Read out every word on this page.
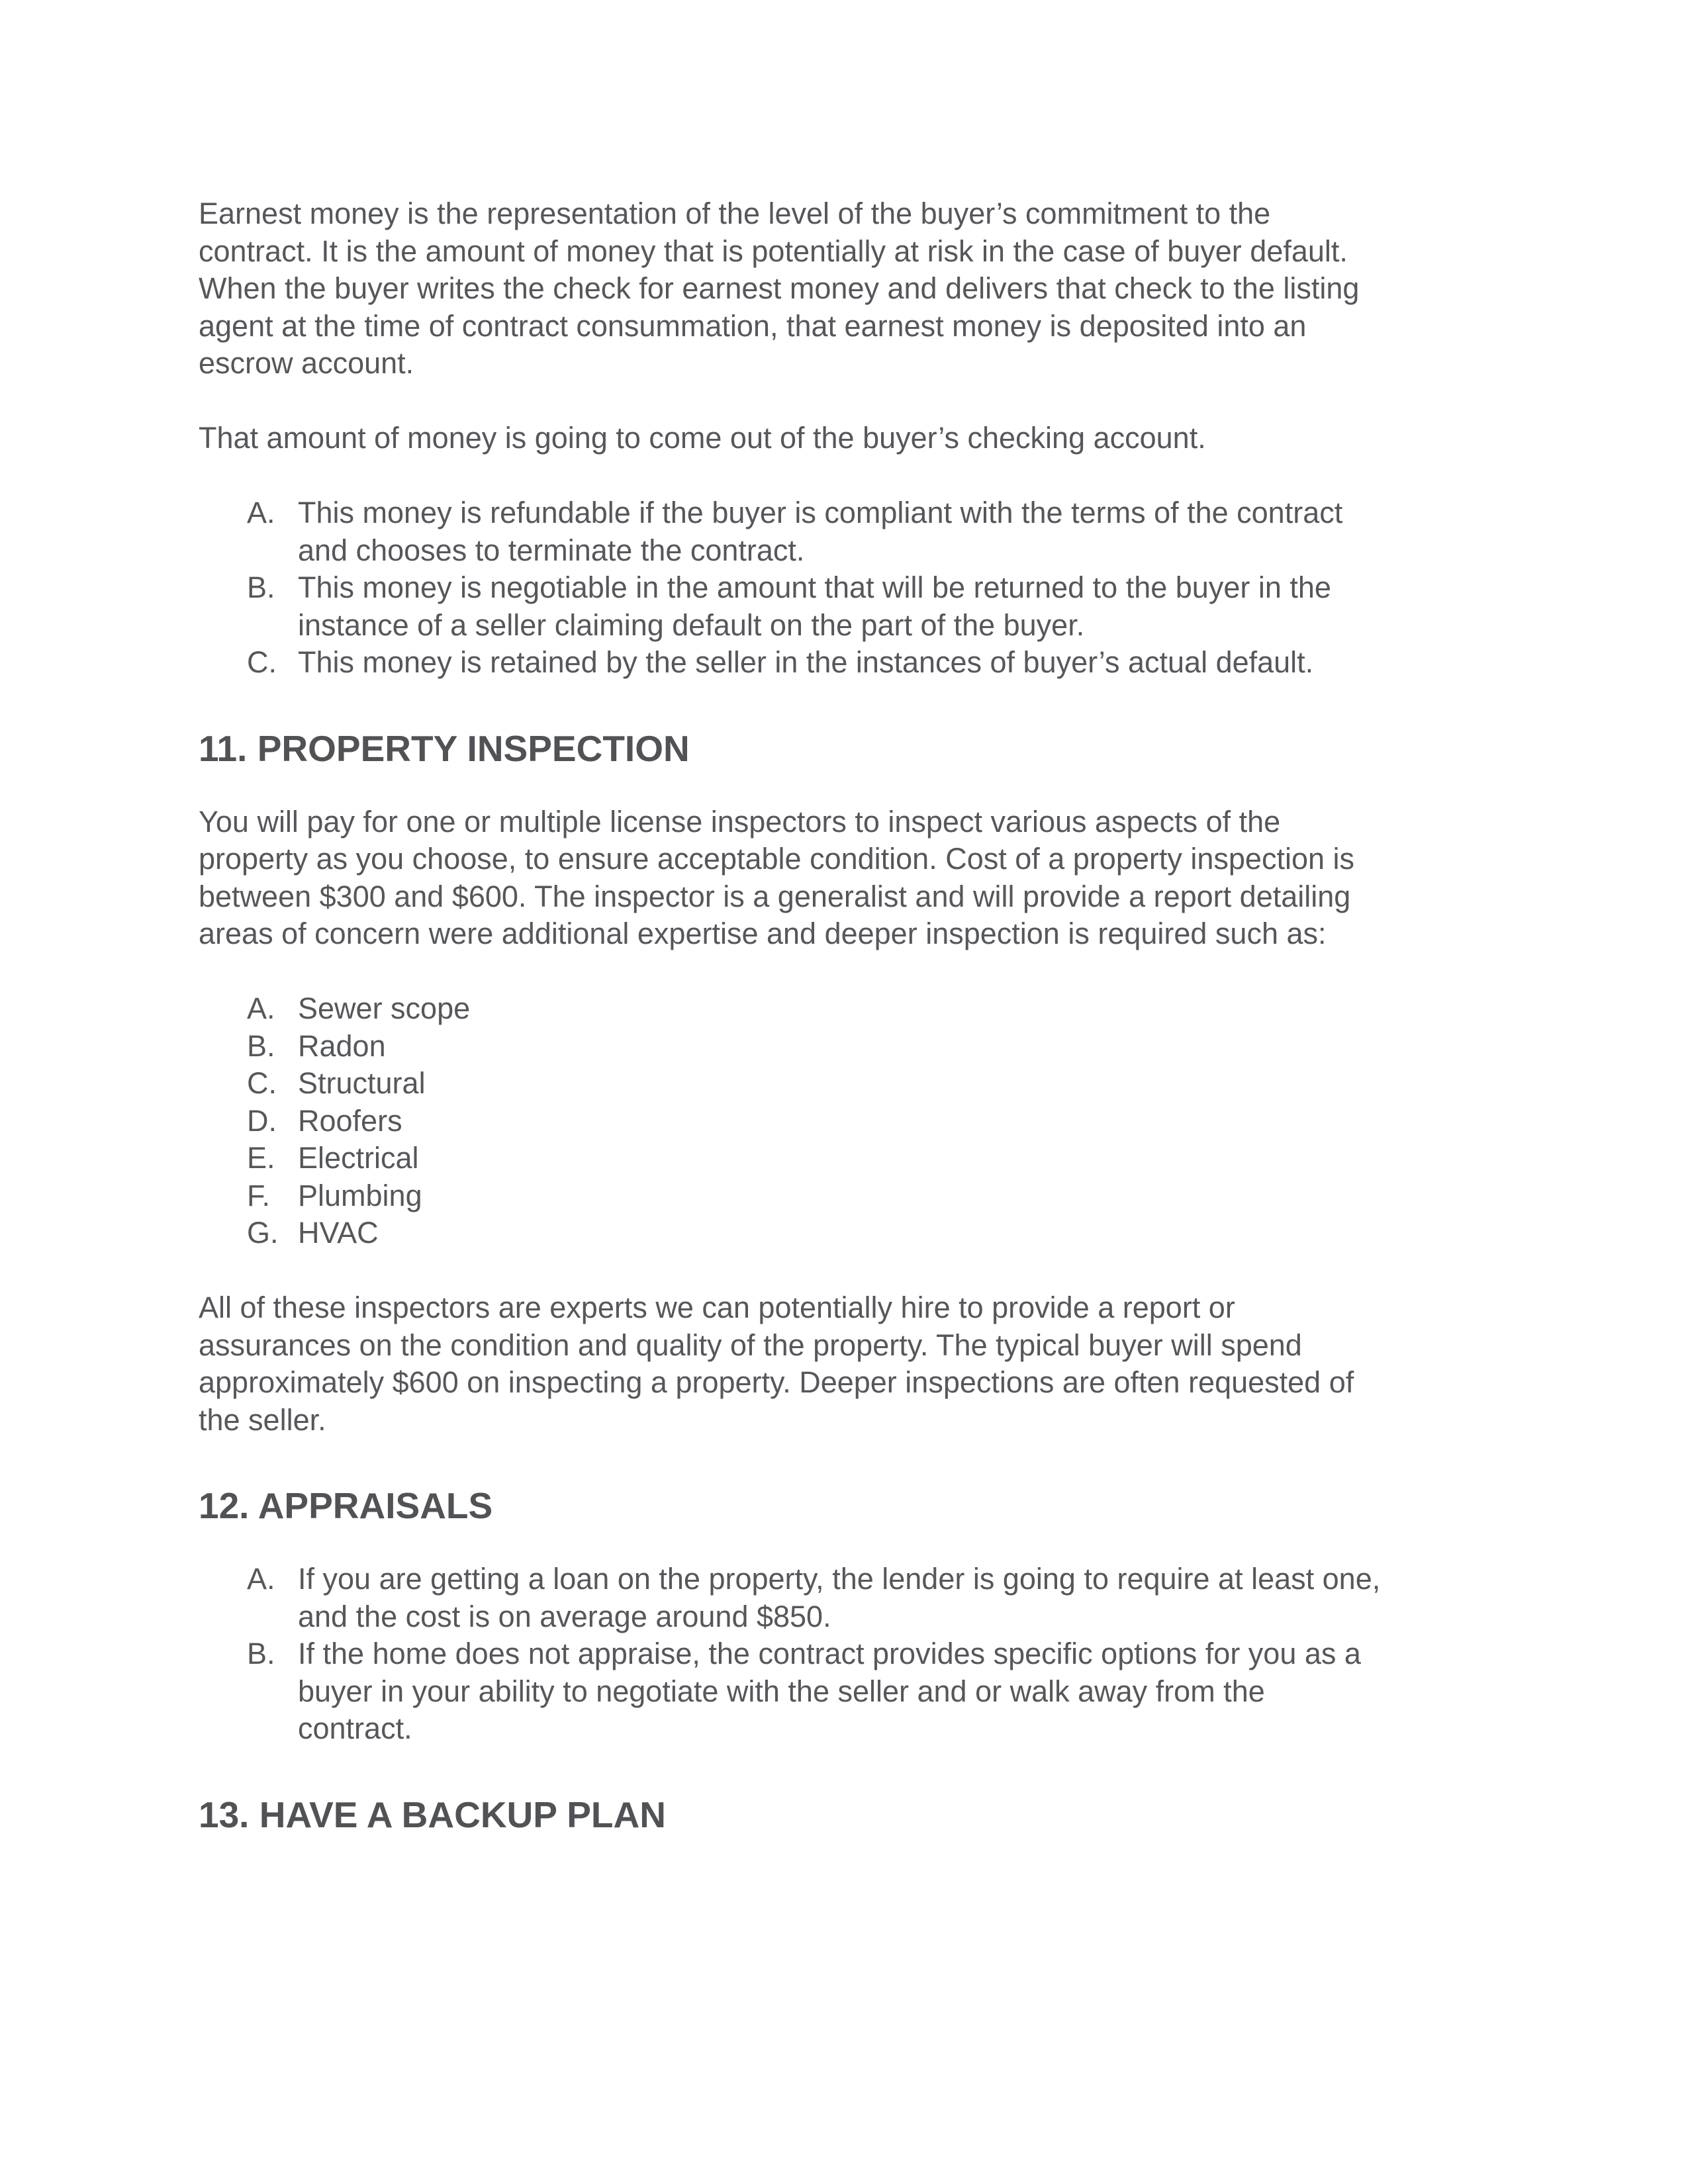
Earnest money is the representation of the level of the buyer’s commitment to the
contract. It is the amount of money that is potentially at risk in the case of buyer default.
When the buyer writes the check for earnest money and delivers that check to the listing
agent at the time of contract consummation, that earnest money is deposited into an
escrow account.

That amount of money is going to come out of the buyer’s checking account.

A. This money is refundable if the buyer is compliant with the terms of the contract
and chooses to terminate the contract.
B. This money is negotiable in the amount that will be returned to the buyer in the
instance of a seller claiming default on the part of the buyer.
C. This money is retained by the seller in the instances of buyer’s actual default.
11. PROPERTY INSPECTION

You will pay for one or multiple license inspectors to inspect various aspects of the
property as you choose, to ensure acceptable condition. Cost of a property inspection is
between $300 and $600. The inspector is a generalist and will provide a report detailing
areas of concern were additional expertise and deeper inspection is required such as:

A. Sewer scope
B. Radon
C. Structural
D. Roofers
E. Electrical
F. Plumbing
G. HVAC

All of these inspectors are experts we can potentially hire to provide a report or
assurances on the condition and quality of the property. The typical buyer will spend
approximately $600 on inspecting a property. Deeper inspections are often requested of
the seller.

12. APPRAISALS
A. If you are getting a loan on the property, the lender is going to require at least one,
and the cost is on average around $850.
B. If the home does not appraise, the contract provides specific options for you as a
buyer in your ability to negotiate with the seller and or walk away from the
contract.
13. HAVE A BACKUP PLAN
